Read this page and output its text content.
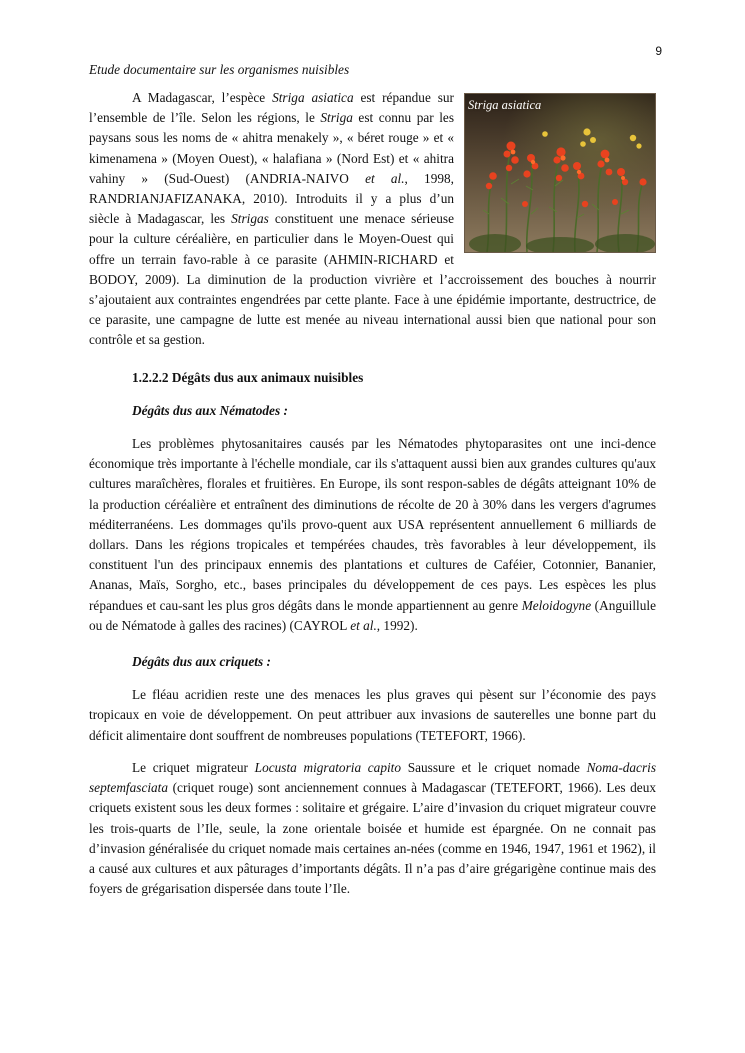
9
Etude documentaire sur les organismes nuisibles
Striga asiatica

A Madagascar, l’espèce Striga asiatica est répandue sur l’ensemble de l’île. Selon les régions, le Striga est connu par les paysans sous les noms de « ahitra menakely », « béret rouge » et « kimenamena » (Moyen Ouest), « halafiana » (Nord Est) et « ahitra vahiny » (Sud-Ouest) (ANDRIA-NAIVO et al., 1998, RANDRIANJAFIZANAKA, 2010). Introduits il y a plus d’un siècle à Madagascar, les Strigas constituent une menace sérieuse pour la culture céréalière, en particulier dans le Moyen-Ouest qui offre un terrain favo-rable à ce parasite (AHMIN-RICHARD et BODOY, 2009). La diminution de la production vivrière et l’accroissement des bouches à nourrir s’ajoutaient aux contraintes engendrées par cette plante. Face à une épidémie importante, destructrice, de ce parasite, une campagne de lutte est menée au niveau international aussi bien que national pour son contrôle et sa gestion.

1.2.2.2 Dégâts dus aux animaux nuisibles
Dégâts dus aux Nématodes :

Les problèmes phytosanitaires causés par les Nématodes phytoparasites ont une inci-dence économique très importante à l'échelle mondiale, car ils s'attaquent aussi bien aux grandes cultures qu'aux cultures maraîchères, florales et fruitières. En Europe, ils sont respon-sables de dégâts atteignant 10% de la production céréalière et entraînent des diminutions de récolte de 20 à 30% dans les vergers d'agrumes méditerranéens. Les dommages qu'ils provo-quent aux USA représentent annuellement 6 milliards de dollars. Dans les régions tropicales et tempérées chaudes, très favorables à leur développement, ils constituent l'un des principaux ennemis des plantations et cultures de Caféier, Cotonnier, Bananier, Ananas, Maïs, Sorgho, etc., bases principales du développement de ces pays. Les espèces les plus répandues et cau-sant les plus gros dégâts dans le monde appartiennent au genre Meloidogyne (Anguillule ou de Nématode à galles des racines) (CAYROL et al., 1992).

Dégâts dus aux criquets :

Le fléau acridien reste une des menaces les plus graves qui pèsent sur l’économie des pays tropicaux en voie de développement. On peut attribuer aux invasions de sauterelles une bonne part du déficit alimentaire dont souffrent de nombreuses populations (TETEFORT, 1966).

Le criquet migrateur Locusta migratoria capito Saussure et le criquet nomade Noma-dacris septemfasciata (criquet rouge) sont anciennement connues à Madagascar (TETEFORT, 1966). Les deux criquets existent sous les deux formes : solitaire et grégaire. L’aire d’invasion du criquet migrateur couvre les trois-quarts de l’Ile, seule, la zone orientale boisée et humide est épargnée. On ne connait pas d’invasion généralisée du criquet nomade mais certaines an-nées (comme en 1946, 1947, 1961 et 1962), il a causé aux cultures et aux pâturages d’importants dégâts. Il n’a pas d’aire grégarigène continue mais des foyers de grégarisation dispersée dans toute l’Ile.
